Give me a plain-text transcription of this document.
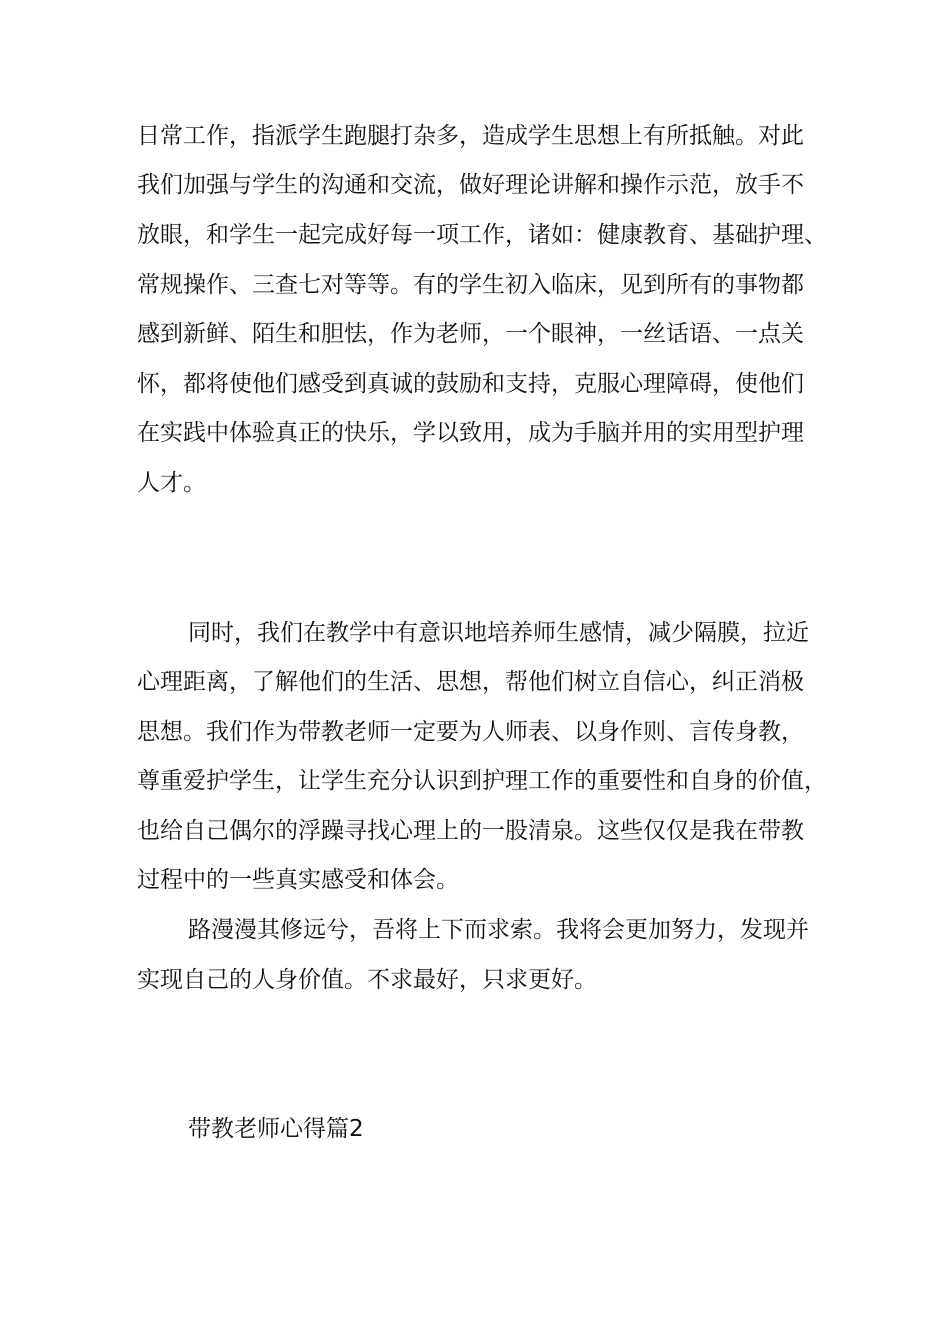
日常工作，指派学生跑腿打杂多，造成学生思想上有所抵触。对此
我们加强与学生的沟通和交流，做好理论讲解和操作示范，放手不
放眼，和学生一起完成好每一项工作，诸如：健康教育、基础护理、
常规操作、三查七对等等。有的学生初入临床，见到所有的事物都
感到新鲜、陌生和胆怯，作为老师，一个眼神，一丝话语、一点关
怀，都将使他们感受到真诚的鼓励和支持，克服心理障碍，使他们
在实践中体验真正的快乐，学以致用，成为手脑并用的实用型护理
人才。
同时，我们在教学中有意识地培养师生感情，减少隔膜，拉近
心理距离，了解他们的生活、思想，帮他们树立自信心，纠正消极
思想。我们作为带教老师一定要为人师表、以身作则、言传身教，
尊重爱护学生，让学生充分认识到护理工作的重要性和自身的价值，
也给自己偶尔的浮躁寻找心理上的一股清泉。这些仅仅是我在带教
过程中的一些真实感受和体会。
路漫漫其修远兮，吾将上下而求索。我将会更加努力，发现并
实现自己的人身价值。不求最好，只求更好。
带教老师心得篇2
